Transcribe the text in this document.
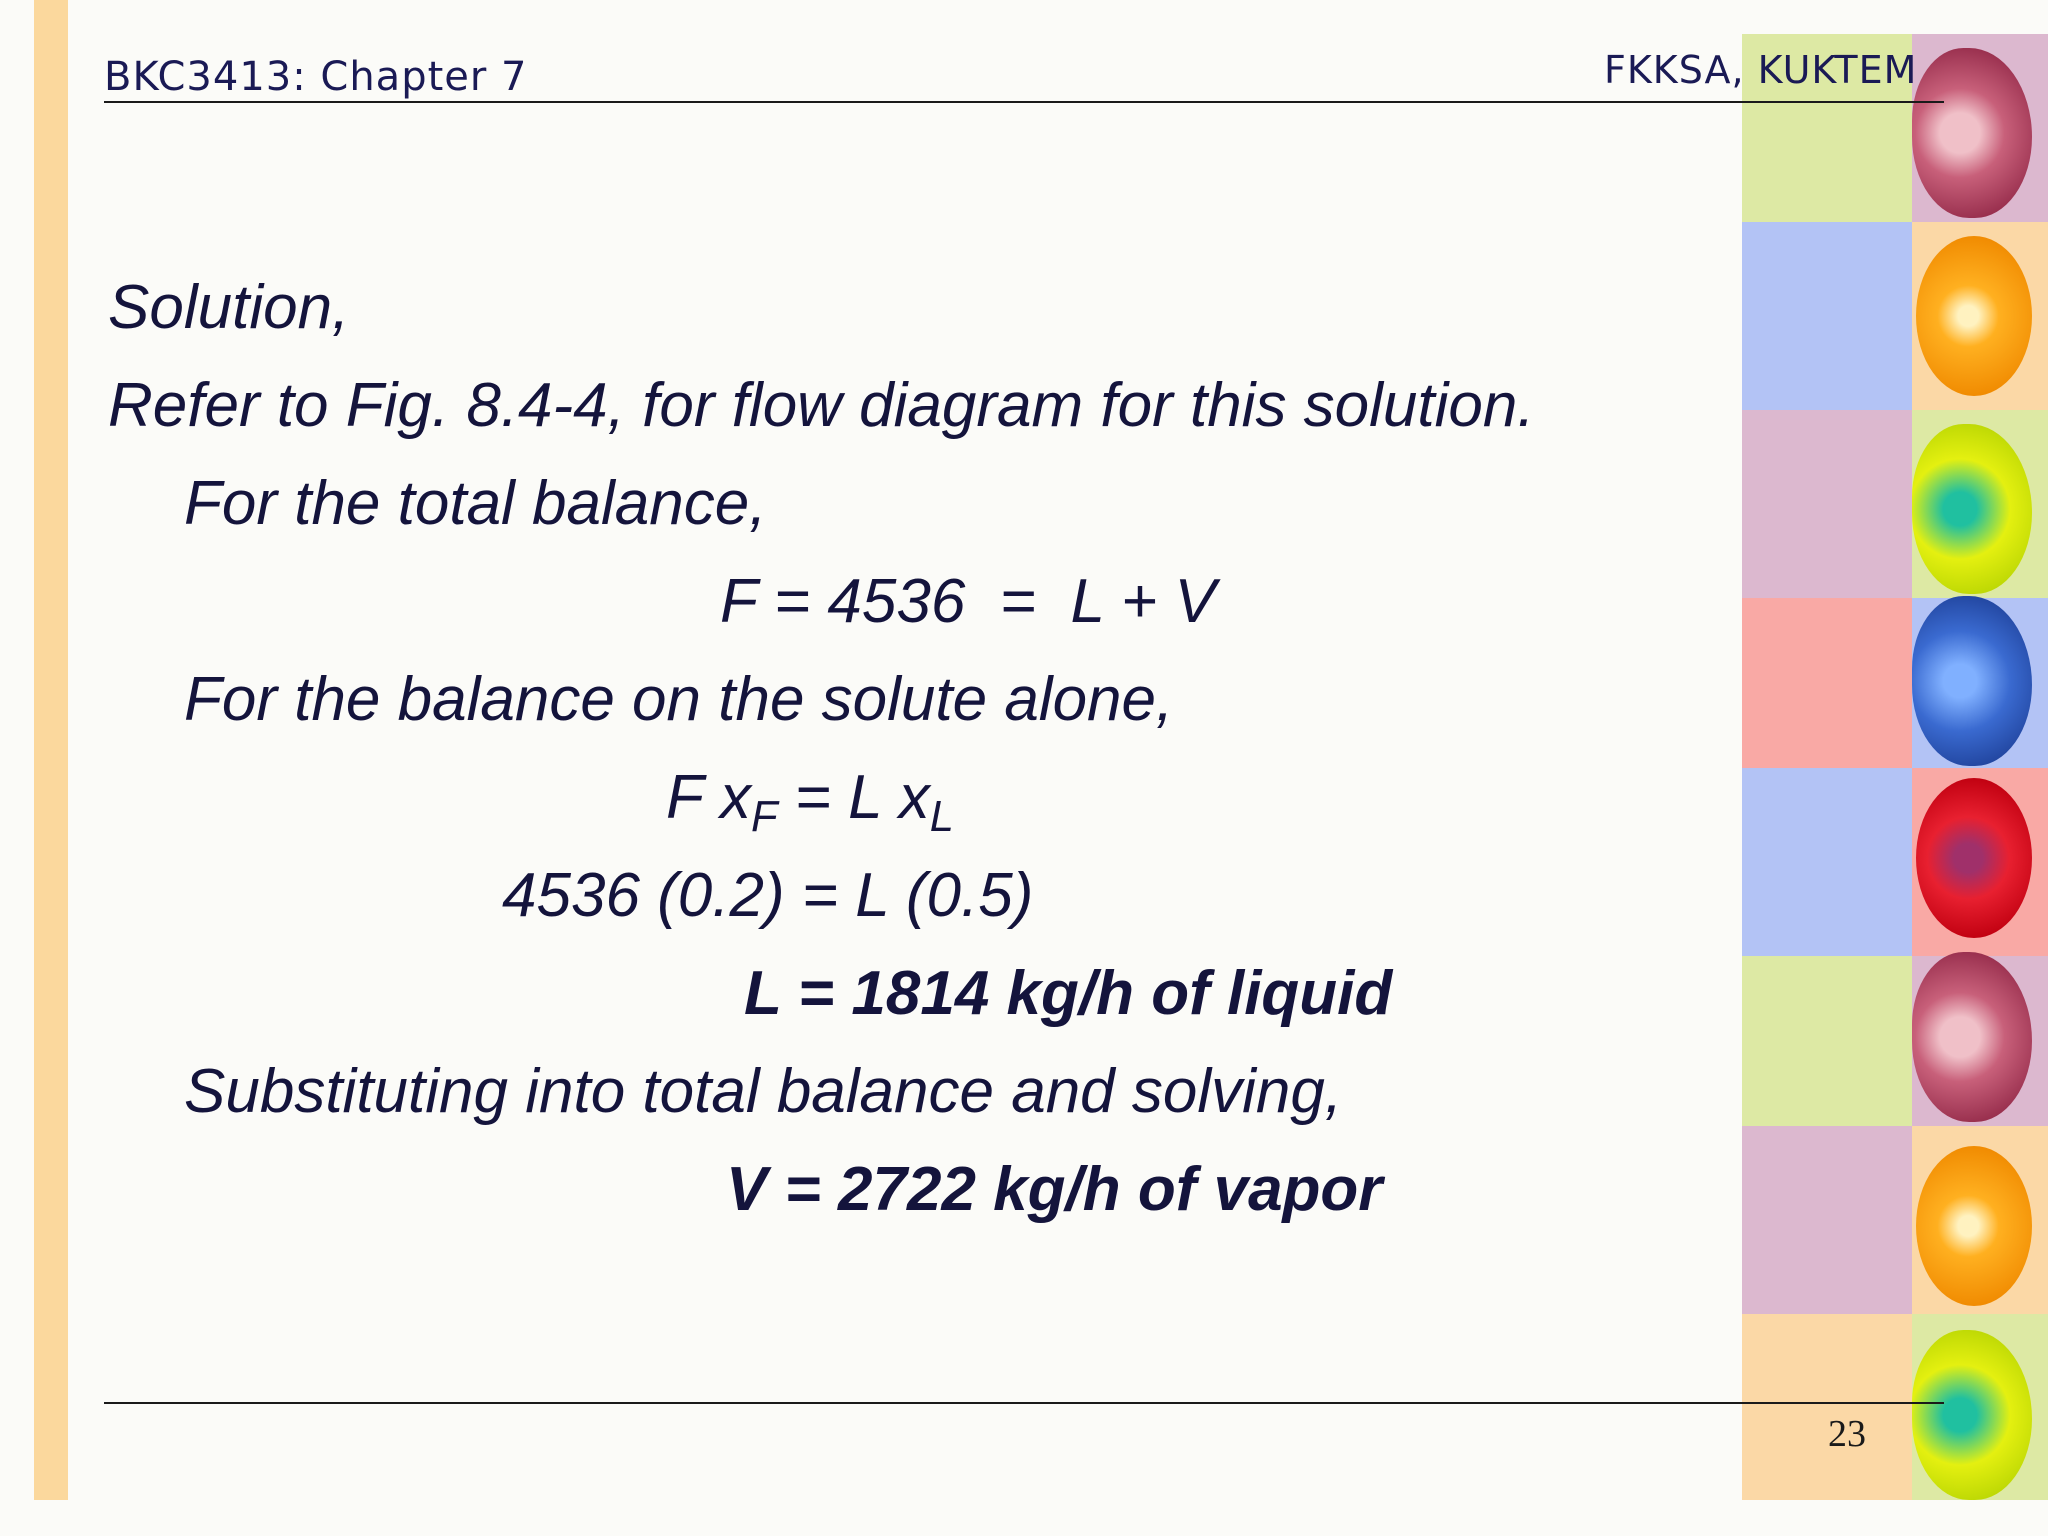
BKC3413: Chapter 7	FKKSA, KUKTEM
Solution,
Refer to Fig. 8.4-4, for flow diagram for this solution.
For the total balance,
F = 4536  =  L + V
For the balance on the solute alone,
F $x_F = L$ $x_L$
4536 (0.2) = L (0.5)
L = 1814 kg/h of liquid
Substituting into total balance and solving,
V = 2722 kg/h of vapor
23
